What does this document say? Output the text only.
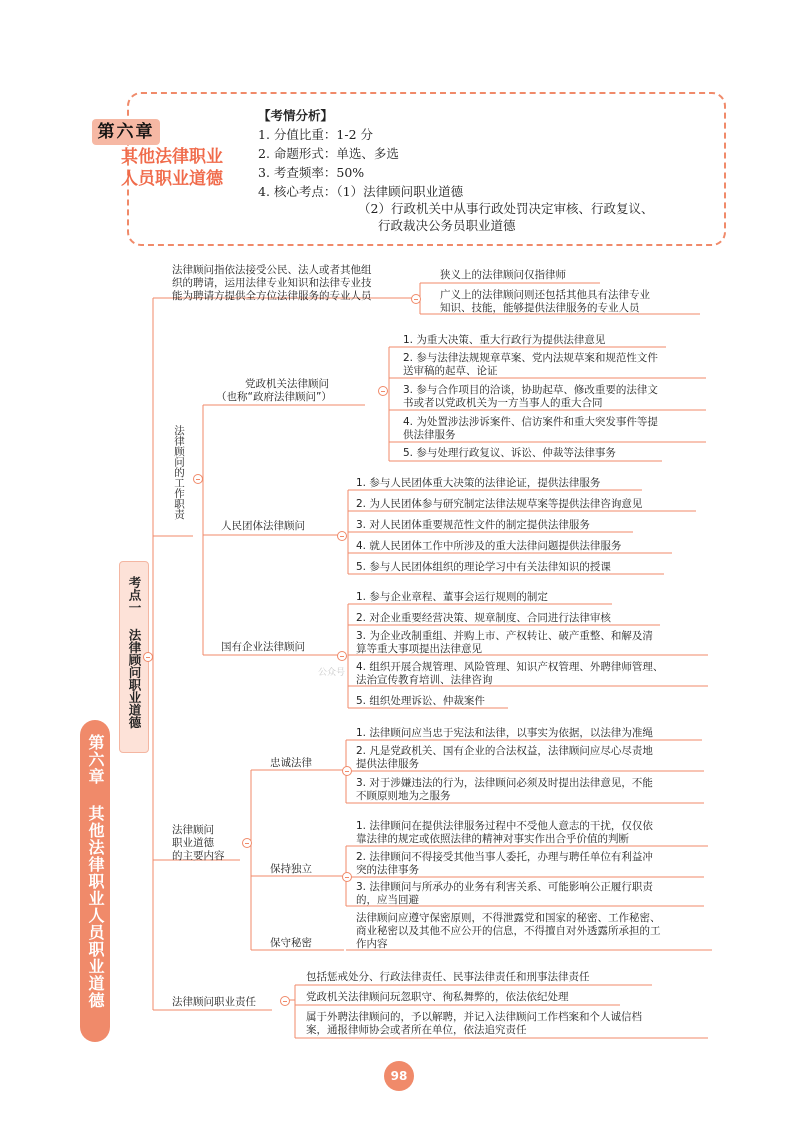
第六章
其他法律职业
人员职业道德
【考情分析】
1. 分值比重：1-2 分
2. 命题形式：单选、多选
3. 考查频率：50%
4. 核心考点：（1）法律顾问职业道德
（2）行政机关中从事行政处罚决定审核、行政复议、
行政裁决公务员职业道德
第六章 其他法律职业人员职业道德
考点一 法律顾问职业道德
法律顾问指依法接受公民、法人或者其他组
织的聘请，运用法律专业知识和法律专业技
能为聘请方提供全方位法律服务的专业人员
狭义上的法律顾问仅指律师
广义上的法律顾问则还包括其他具有法律专业
知识、技能，能够提供法律服务的专业人员
法律顾问的工作职责
党政机关法律顾问
（也称“政府法律顾问”）
1. 为重大决策、重大行政行为提供法律意见
2. 参与法律法规规章草案、党内法规草案和规范性文件
送审稿的起草、论证
3. 参与合作项目的洽谈，协助起草、修改重要的法律文
书或者以党政机关为一方当事人的重大合同
4. 为处置涉法涉诉案件、信访案件和重大突发事件等提
供法律服务
5. 参与处理行政复议、诉讼、仲裁等法律事务
人民团体法律顾问
1. 参与人民团体重大决策的法律论证，提供法律服务
2. 为人民团体参与研究制定法律法规草案等提供法律咨询意见
3. 对人民团体重要规范性文件的制定提供法律服务
4. 就人民团体工作中所涉及的重大法律问题提供法律服务
5. 参与人民团体组织的理论学习中有关法律知识的授课
国有企业法律顾问
1. 参与企业章程、董事会运行规则的制定
2. 对企业重要经营决策、规章制度、合同进行法律审核
3. 为企业改制重组、并购上市、产权转让、破产重整、和解及清
算等重大事项提出法律意见
4. 组织开展合规管理、风险管理、知识产权管理、外聘律师管理、
法治宣传教育培训、法律咨询
5. 组织处理诉讼、仲裁案件
法律顾问
职业道德
的主要内容
忠诚法律
1. 法律顾问应当忠于宪法和法律，以事实为依据，以法律为准绳
2. 凡是党政机关、国有企业的合法权益，法律顾问应尽心尽责地
提供法律服务
3. 对于涉嫌违法的行为，法律顾问必须及时提出法律意见，不能
不顾原则地为之服务
保持独立
1. 法律顾问在提供法律服务过程中不受他人意志的干扰，仅仅依
靠法律的规定或依照法律的精神对事实作出合乎价值的判断
2. 法律顾问不得接受其他当事人委托，办理与聘任单位有利益冲
突的法律事务
3. 法律顾问与所承办的业务有利害关系、可能影响公正履行职责
的，应当回避
保守秘密
法律顾问应遵守保密原则，不得泄露党和国家的秘密、工作秘密、
商业秘密以及其他不应公开的信息，不得擅自对外透露所承担的工
作内容
法律顾问职业责任
包括惩戒处分、行政法律责任、民事法律责任和刑事法律责任
党政机关法律顾问玩忽职守、徇私舞弊的，依法依纪处理
属于外聘法律顾问的，予以解聘，并记入法律顾问工作档案和个人诚信档
案，通报律师协会或者所在单位，依法追究责任
公众号
98
